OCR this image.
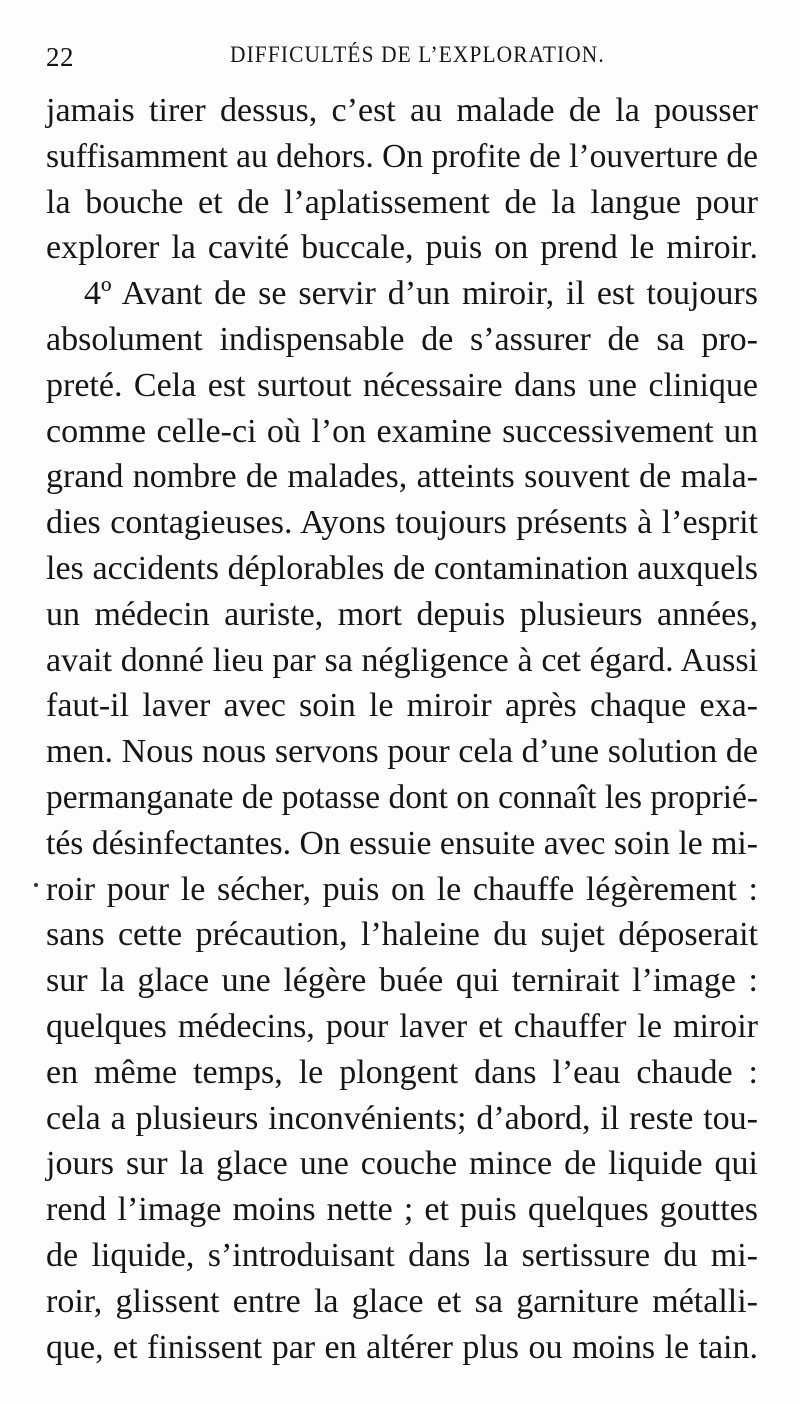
22	DIFFICULTÉS DE L’EXPLORATION.
jamais tirer dessus, c’est au malade de la pousser
suffisamment au dehors. On profite de l’ouverture de
la bouche et de l’aplatissement de la langue pour
explorer la cavité buccale, puis on prend le miroir.
4º Avant de se servir d’un miroir, il est toujours
absolument indispensable de s’assurer de sa pro-
preté. Cela est surtout nécessaire dans une clinique
comme celle-ci où l’on examine successivement un
grand nombre de malades, atteints souvent de mala-
dies contagieuses. Ayons toujours présents à l’esprit
les accidents déplorables de contamination auxquels
un médecin auriste, mort depuis plusieurs années,
avait donné lieu par sa négligence à cet égard. Aussi
faut-il laver avec soin le miroir après chaque exa-
men. Nous nous servons pour cela d’une solution de
permanganate de potasse dont on connaît les proprié-
tés désinfectantes. On essuie ensuite avec soin le mi-
roir pour le sécher, puis on le chauffe légèrement :
sans cette précaution, l’haleine du sujet déposerait
sur la glace une légère buée qui ternirait l’image :
quelques médecins, pour laver et chauffer le miroir
en même temps, le plongent dans l’eau chaude :
cela a plusieurs inconvénients; d’abord, il reste tou-
jours sur la glace une couche mince de liquide qui
rend l’image moins nette ; et puis quelques gouttes
de liquide, s’introduisant dans la sertissure du mi-
roir, glissent entre la glace et sa garniture métalli-
que, et finissent par en altérer plus ou moins le tain.
